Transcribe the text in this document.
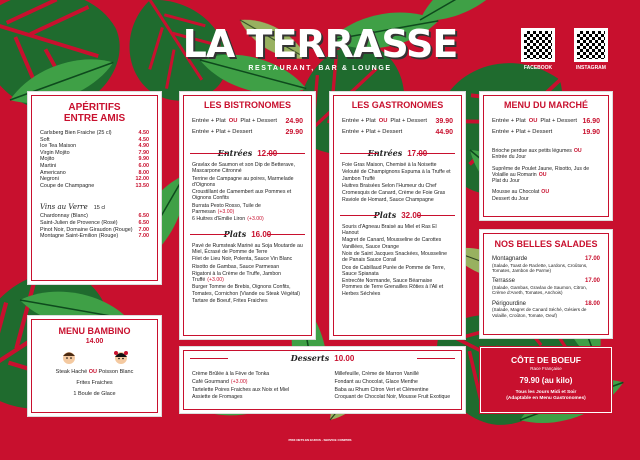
LA TERRASSE
RESTAURANT, BAR & LOUNGE	FACEBOOK	INSTAGRAM
APÉRITIFS ENTRE AMIS
Carlsberg Bien Fraiche (25 cl)	4.50
Soft	4.50
Ice Tea Maison	4.90
Virgin Mojito	7.90
Mojito	9.90
Martini	6.00
Americano	8.00
Negroni	12.00
Coupe de Champagne	13.50
Vins au Verre 15 cl
Chardonnay (Blanc)	6.50
Saint-Julien de Provence (Rosé)	6.50
Pinot Noir, Domaine Giraudon (Rouge) 7.00
Montagne Saint-Emilion (Rouge)	7.00
MENU BAMBINO
14.00
Steak Haché OU Poisson Blanc
Frites Fraiches
1 Boule de Glace
LES BISTRONOMES
Entrée + Plat OU Plat + Dessert 24.90
Entrée + Plat + Dessert	29.90
Entrées 12.00
Gravlax de Saumon et son Dip de Betterave, Mascarpone Citronné
Terrine de Campagne au poires, Marmelade d'Oignons
Croustillant de Camembert aux Pommes et Oignons Confits
Burrata Pesto Rosso, Tuile de Parmesan (+3.00)
6 Huitres d'Emilie Liron (+3.00)
Plats 16.00
Pavé de Rumsteak Mariné au Soja Moutarde au Miel, Écrasé de Pomme de Terre
Filet de Lieu Noir, Polenta, Sauce Vin Blanc
Risotto de Gambas, Sauce Parmesan
Rigatoni à la Crème de Truffe, Jambon Truffé (+3.00)
Burger Tomme de Brebis, Oignons Confits, Tomates, Cornichon (Viande ou Steak Végétal)
Tartare de Boeuf, Frites Fraiches
LES GASTRONOMES
Entrée + Plat OU Plat + Dessert 39.90
Entrée + Plat + Dessert	44.90
Entrées 17.00
Foie Gras Maison, Chemisé à la Noisette
Velouté de Champignons Espuma à la Truffe et Jambon Truffé
Huitres Braisées Selon l'Humeur du Chef
Cromesquis de Canard, Crème de Foie Gras
Raviole de Homard, Sauce Champagne
Plats 32.00
Souris d'Agneau Braisé au Miel et Ras El Hanout
Magret de Canard, Mousseline de Carottes Vanillées, Sauce Orange
Noix de Saint Jacques Snackées, Mousseline de Panais Sauce Corail
Dos de Cabillaud Purée de Pomme de Terre, Sauce Spianata
Entrecôte Normande, Sauce Béarnaise Pommes de Terre Grenailles Rôties à l'Ail et Herbes Séchées
MENU DU MARCHÉ
Entrée + Plat OU Plat + Dessert 16.90
Entrée + Plat + Dessert	19.90
Brioche perdue aux petits légumes OU
Entrée du Jour
Suprême de Poulet Jaune, Risotto, Jus de Volaille au Romarin OU
Plat du Jour
Mousse au Chocolat OU
Dessert du Jour
NOS BELLES SALADES
Montagnarde	17.00
(Salade, Toast de Raclette, Lardons, Croûtons, Tomates, Jambon de Parme)
Terrasse	17.00
(Salade, Gambas, Gravlax de Saumon, Citron, Crème d'Aneth, Tomates, Anchois)
Périgourdine	18.00
(Salade, Magret de Canard Séché, Gésiers de Volaille, Croûton, Tomate, Oeuf)
CÔTE DE BOEUF
Race Française
79.90 (au kilo)
Tous les Jours Midi et Soir
(Adaptable en Menu Gastronomes)
Desserts 10.00
Crème Brûlée à la Fève de Tonka
Café Gourmand (+3.00)
Tartelette Poires Fraiches aux Noix et Miel
Assiette de Fromages
Millefeuille, Crème de Marron Vanillé
Fondant au Chocolat, Glace Menthe
Baba au Rhum Citron Vert et Clémentine
Croquant de Chocolat Noir, Mousse Fruit Exotique
PRIX NETS EN EUROS - SERVICE COMPRIS
